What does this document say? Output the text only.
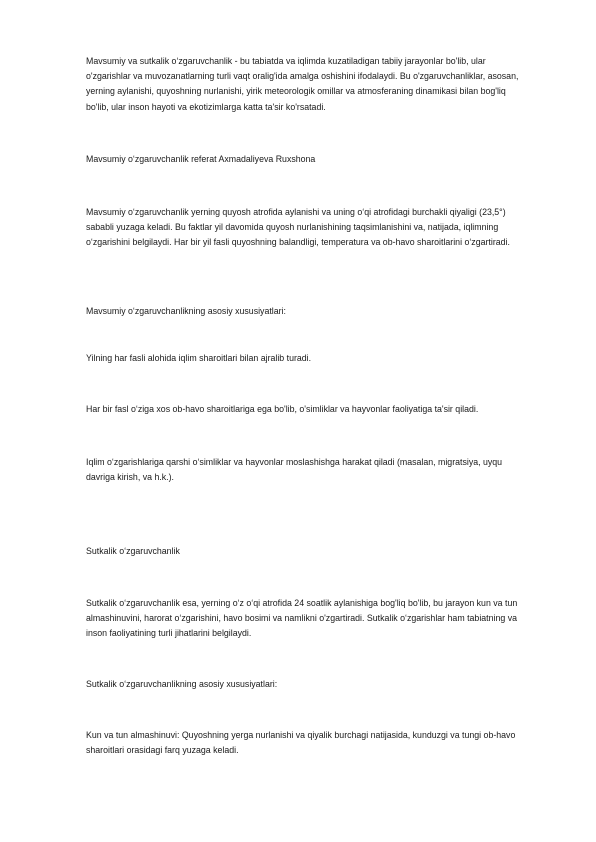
Mavsumiy va sutkalik o‘zgaruvchanlik - bu tabiatda va iqlimda kuzatiladigan tabiiy jarayonlar bo'lib, ular o'zgarishlar va muvozanatlarning turli vaqt oralig'ida amalga oshishini ifodalaydi. Bu o'zgaruvchanliklar, asosan, yerning aylanishi, quyoshning nurlanishi, yirik meteorologik omillar va atmosferaning dinamikasi bilan bog'liq bo'lib, ular inson hayoti va ekotizimlarga katta ta'sir ko'rsatadi.

Mavsumiy o‘zgaruvchanlik referat Axmadaliyeva Ruxshona

Mavsumiy o‘zgaruvchanlik yerning quyosh atrofida aylanishi va uning o‘qi atrofidagi burchakli qiyaligi (23,5°) sababli yuzaga keladi. Bu faktlar yil davomida quyosh nurlanishining taqsimlanishini va, natijada, iqlimning o‘zgarishini belgilaydi. Har bir yil fasli quyoshning balandligi, temperatura va ob-havo sharoitlarini o‘zgartiradi.

Mavsumiy o‘zgaruvchanlikning asosiy xususiyatlari:

Yilning har fasli alohida iqlim sharoitlari bilan ajralib turadi.

Har bir fasl o‘ziga xos ob-havo sharoitlariga ega bo'lib, o'simliklar va hayvonlar faoliyatiga ta'sir qiladi.

Iqlim o‘zgarishlariga qarshi o‘simliklar va hayvonlar moslashishga harakat qiladi (masalan, migratsiya, uyqu davriga kirish, va h.k.).

Sutkalik o‘zgaruvchanlik

Sutkalik o‘zgaruvchanlik esa, yerning o‘z o‘qi atrofida 24 soatlik aylanishiga bog'liq bo'lib, bu jarayon kun va tun almashinuvini, harorat o‘zgarishini, havo bosimi va namlikni o'zgartiradi. Sutkalik o‘zgarishlar ham tabiatning va inson faoliyatining turli jihatlarini belgilaydi.

Sutkalik o‘zgaruvchanlikning asosiy xususiyatlari:

Kun va tun almashinuvi: Quyoshning yerga nurlanishi va qiyalik burchagi natijasida, kunduzgi va tungi ob-havo sharoitlari orasidagi farq yuzaga keladi.
